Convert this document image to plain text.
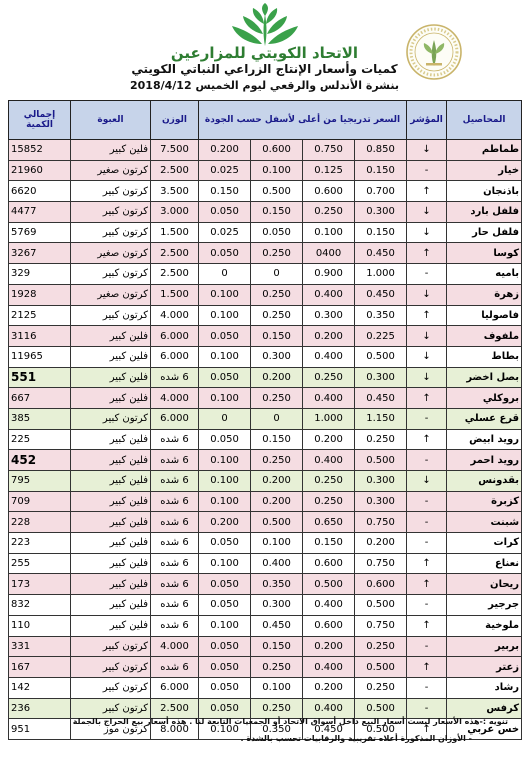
الاتحاد الكويتي للمزارعين
كميات وأسعار الإنتاج الزراعي النباتي الكويتي
بنشرة الأندلس والرقعي ليوم الخميس 2018/4/12
المحاصيل	المؤشر	السعر تدريجيا من أعلى لأسفل حسب الجودة				الوزن	العبوة	إجمالي الكمية
طماطم	↓	0.850	0.750	0.600	0.200	7.500	فلين كبير	15852
خيار	-	0.150	0.125	0.100	0.025	2.500	كرتون صغير	21960
باذنجان	↑	0.700	0.600	0.500	0.150	3.500	كرتون كبير	6620
فلفل بارد	↓	0.300	0.250	0.150	0.050	3.000	كرتون كبير	4477
فلفل حار	↓	0.150	0.100	0.050	0.025	1.500	كرتون كبير	5769
كوسا	↑	0.450	0400	0.250	0.050	2.500	كرتون صغير	3267
باميه	-	1.000	0.900	0	0	2.500	كرتون كبير	329
زهرة	↓	0.450	0.400	0.250	0.100	1.500	كرتون صغير	1928
فاصوليا	↑	0.350	0.300	0.250	0.100	4.000	كرتون كبير	2125
ملفوف	↓	0.225	0.200	0.150	0.050	6.000	فلين كبير	3116
بطاط	↓	0.500	0.400	0.300	0.100	6.000	فلين كبير	11965
بصل اخضر	↓	0.300	0.250	0.200	0.050	6 شده	فلين كبير	551
بروكلي	↑	0.450	0.400	0.250	0.100	4.000	فلين كبير	667
قرع عسلي	-	1.150	1.000	0	0	6.000	كرتون كبير	385
رويد ابيض	↑	0.250	0.200	0.150	0.050	6 شده	فلين كبير	225
رويد احمر	-	0.500	0.400	0.250	0.100	6 شده	فلين كبير	452
بقدونس	↓	0.300	0.250	0.200	0.100	6 شده	فلين كبير	795
كزبرة	-	0.300	0.250	0.200	0.100	6 شده	فلين كبير	709
شبنت	-	0.750	0.650	0.500	0.200	6 شده	فلين كبير	228
كرات	-	0.200	0.150	0.100	0.050	6 شده	فلين كبير	223
نعناع	↑	0.750	0.600	0.400	0.100	6 شده	فلين كبير	255
ريحان	↑	0.600	0.500	0.350	0.050	6 شده	فلين كبير	173
جرجير	-	0.500	0.400	0.300	0.050	6 شده	فلين كبير	832
ملوخية	↑	0.750	0.600	0.450	0.100	6 شده	فلين كبير	110
بربير	-	0.250	0.200	0.150	0.050	4.000	كرتون كبير	331
زعتر	↑	0.500	0.400	0.250	0.050	6 شده	كرتون كبير	167
رشاد	-	0.250	0.200	0.100	0.050	6.000	كرتون كبير	142
كرفس	-	0.500	0.400	0.250	0.050	2.500	كرتون كبير	236
خس عربي	↑	0.500	0.450	0.350	0.100	8.000	كرتون موز	951
تنويه :-هذه الأسعار ليست أسعار البيع داخل أسواق الاتحاد أو الجمعيات التابعة لنا . هذه أسعار بيع الحراج بالجملة
- الأوزان المذكورة أعلاه تقريبية والرقابيات تحسب بالشدة .
